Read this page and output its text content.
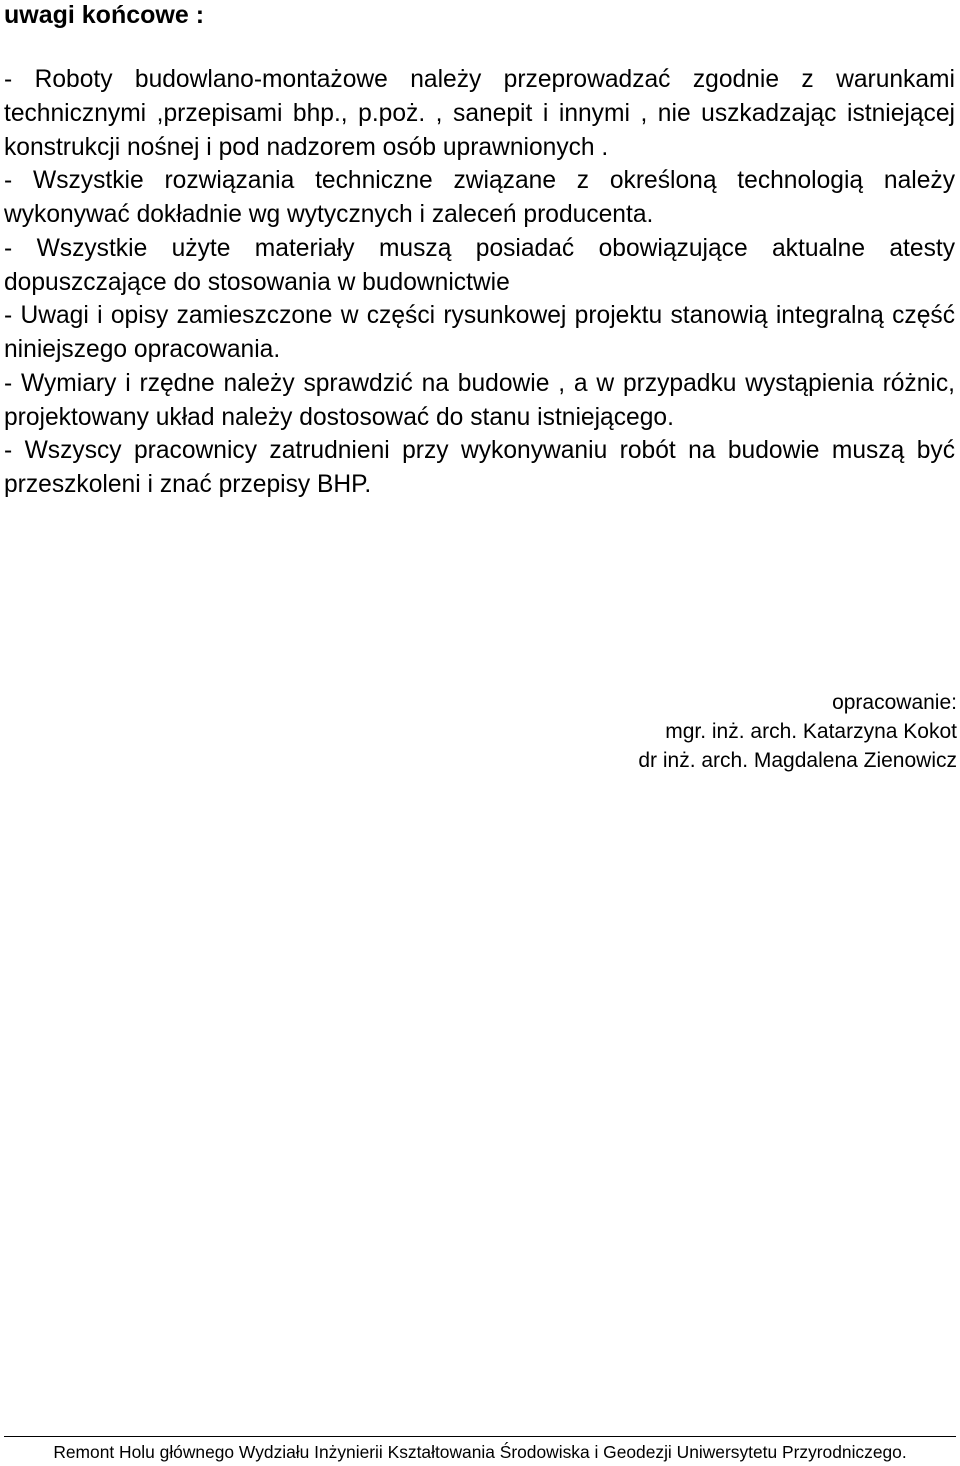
uwagi końcowe :

- Roboty budowlano-montażowe należy przeprowadzać zgodnie z warunkami technicznymi ,przepisami bhp., p.poż. , sanepit i innymi , nie uszkadzając istniejącej konstrukcji nośnej i pod nadzorem osób uprawnionych .

- Wszystkie rozwiązania techniczne związane z określoną technologią należy wykonywać dokładnie wg wytycznych i zaleceń producenta.

- Wszystkie użyte materiały muszą posiadać obowiązujące aktualne atesty dopuszczające do stosowania w budownictwie

- Uwagi i opisy zamieszczone w części rysunkowej projektu stanowią integralną część niniejszego opracowania.

- Wymiary i rzędne należy sprawdzić na budowie , a w przypadku wystąpienia różnic, projektowany układ należy dostosować do stanu istniejącego.

- Wszyscy pracownicy zatrudnieni przy wykonywaniu robót na budowie muszą być przeszkoleni i znać przepisy BHP.

opracowanie:
mgr. inż. arch. Katarzyna Kokot
dr inż. arch. Magdalena Zienowicz
Remont Holu głównego Wydziału Inżynierii Kształtowania Środowiska i Geodezji Uniwersytetu Przyrodniczego.
